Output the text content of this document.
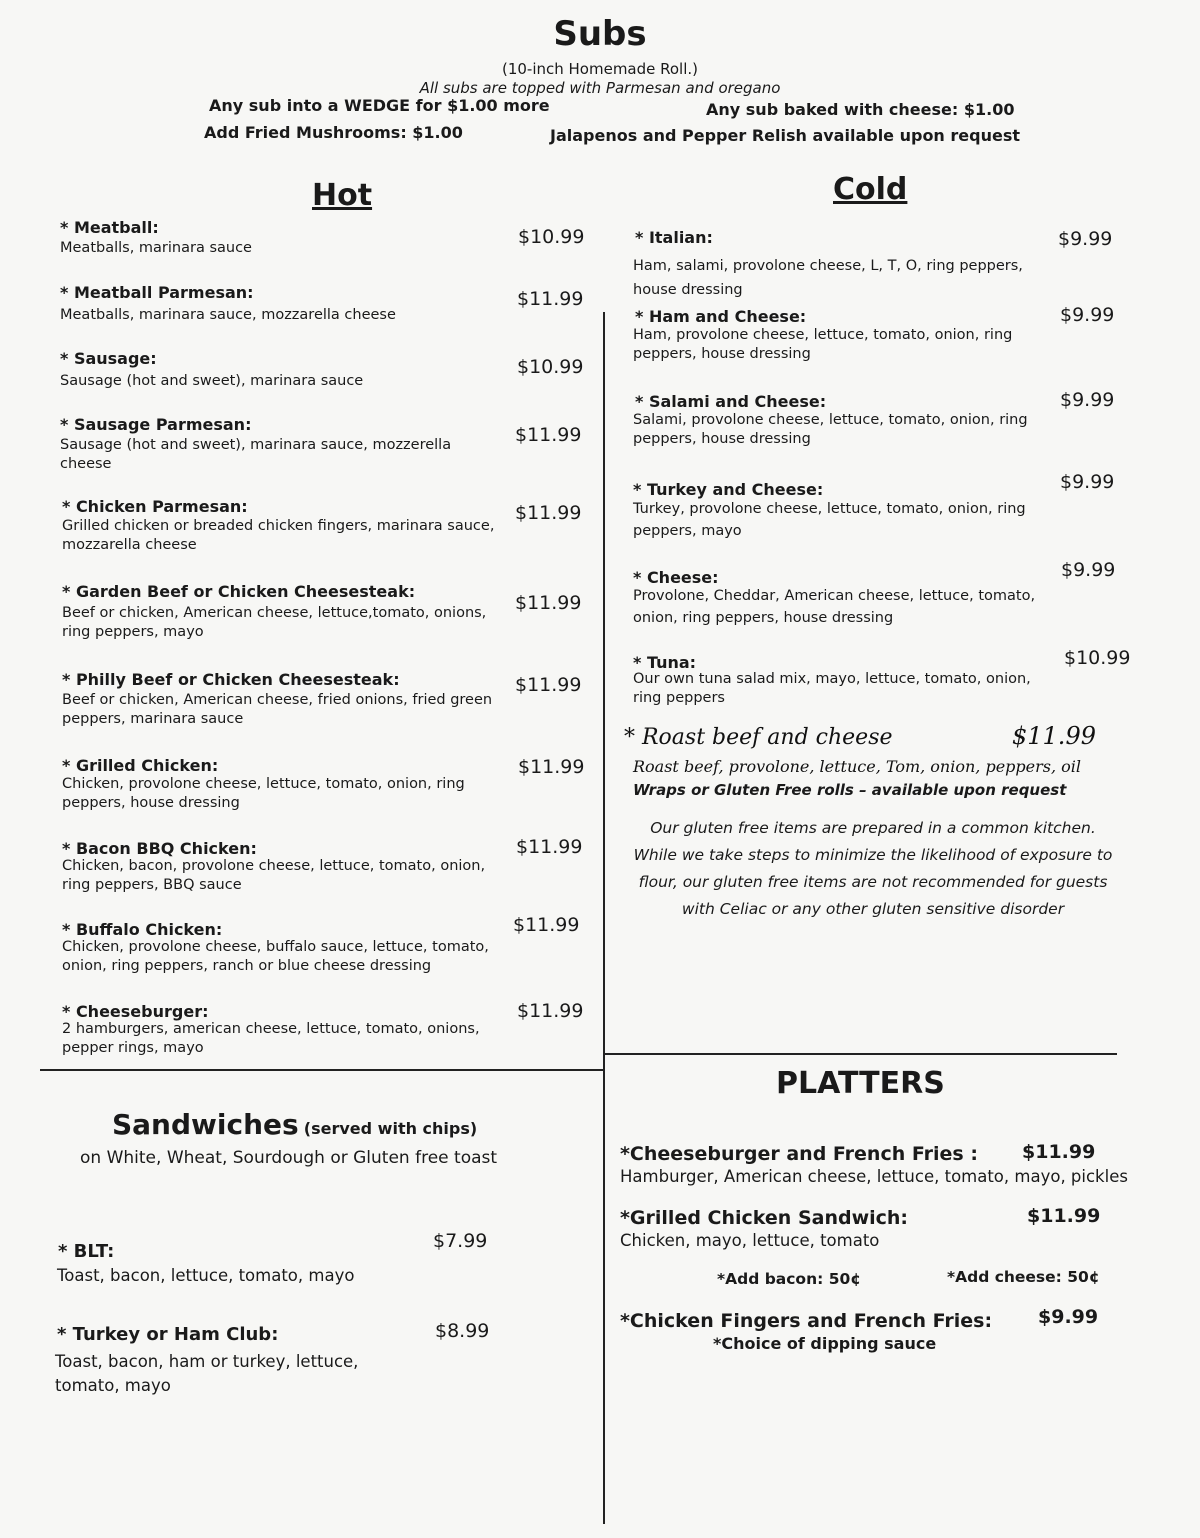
Subs
(10-inch Homemade Roll.)
All subs are topped with Parmesan and oregano
Any sub into a WEDGE for $1.00 more	Any sub baked with cheese: $1.00
Add Fried Mushrooms: $1.00	Jalapenos and Pepper Relish available upon request
Hot	Cold
* Meatball:
Meatballs, marinara sauce	$10.99
* Meatball Parmesan:
Meatballs, marinara sauce, mozzarella cheese
$11.99
* Sausage:
Sausage (hot and sweet), marinara sauce
$10.99
* Sausage Parmesan:
Sausage (hot and sweet), marinara sauce, mozzerella cheese
$11.99
* Chicken Parmesan:
Grilled chicken or breaded chicken fingers, marinara sauce, mozzarella cheese
$11.99
* Garden Beef or Chicken Cheesesteak:
Beef or chicken, American cheese, lettuce,tomato, onions, ring peppers, mayo
$11.99
* Philly Beef or Chicken Cheesesteak:
Beef or chicken, American cheese, fried onions, fried green peppers, marinara sauce
$11.99
* Grilled Chicken:
Chicken, provolone cheese, lettuce, tomato, onion, ring peppers, house dressing
$11.99
* Bacon BBQ Chicken:
Chicken, bacon, provolone cheese, lettuce, tomato, onion, ring peppers, BBQ sauce
$11.99
* Buffalo Chicken:
Chicken, provolone cheese, buffalo sauce, lettuce, tomato, onion, ring peppers, ranch or blue cheese dressing
$11.99
* Cheeseburger:
2 hamburgers, american cheese, lettuce, tomato, onions, pepper rings, mayo
$11.99
* Italian:
Ham, salami, provolone cheese, L, T, O, ring peppers, house dressing
$9.99
* Ham and Cheese:
Ham, provolone cheese, lettuce, tomato, onion, ring peppers, house dressing
$9.99
* Salami and Cheese:
Salami, provolone cheese, lettuce, tomato, onion, ring peppers, house dressing
$9.99
* Turkey and Cheese:
Turkey, provolone cheese, lettuce, tomato, onion, ring peppers, mayo
$9.99
* Cheese:
Provolone, Cheddar, American cheese, lettuce, tomato, onion, ring peppers, house dressing
$9.99
* Tuna:
Our own tuna salad mix, mayo, lettuce, tomato, onion, ring peppers
$10.99
* Roast beef and cheese	$11.99
Roast beef, provolone, lettuce, Tom, onion, peppers, oil
Wraps or Gluten Free rolls – available upon request
Our gluten free items are prepared in a common kitchen.
While we take steps to minimize the likelihood of exposure to
flour, our gluten free items are not recommended for guests
with Celiac or any other gluten sensitive disorder
Sandwiches (served with chips)
on White, Wheat, Sourdough or Gluten free toast
* BLT:
Toast, bacon, lettuce, tomato, mayo
$7.99
* Turkey or Ham Club:
Toast, bacon, ham or turkey, lettuce, tomato, mayo
$8.99
PLATTERS
*Cheeseburger and French Fries :
Hamburger, American cheese, lettuce, tomato, mayo, pickles
$11.99
*Grilled Chicken Sandwich:
Chicken, mayo, lettuce, tomato
$11.99
*Add bacon: 50¢	*Add cheese: 50¢
*Chicken Fingers and French Fries:
*Choice of dipping sauce
$9.99
